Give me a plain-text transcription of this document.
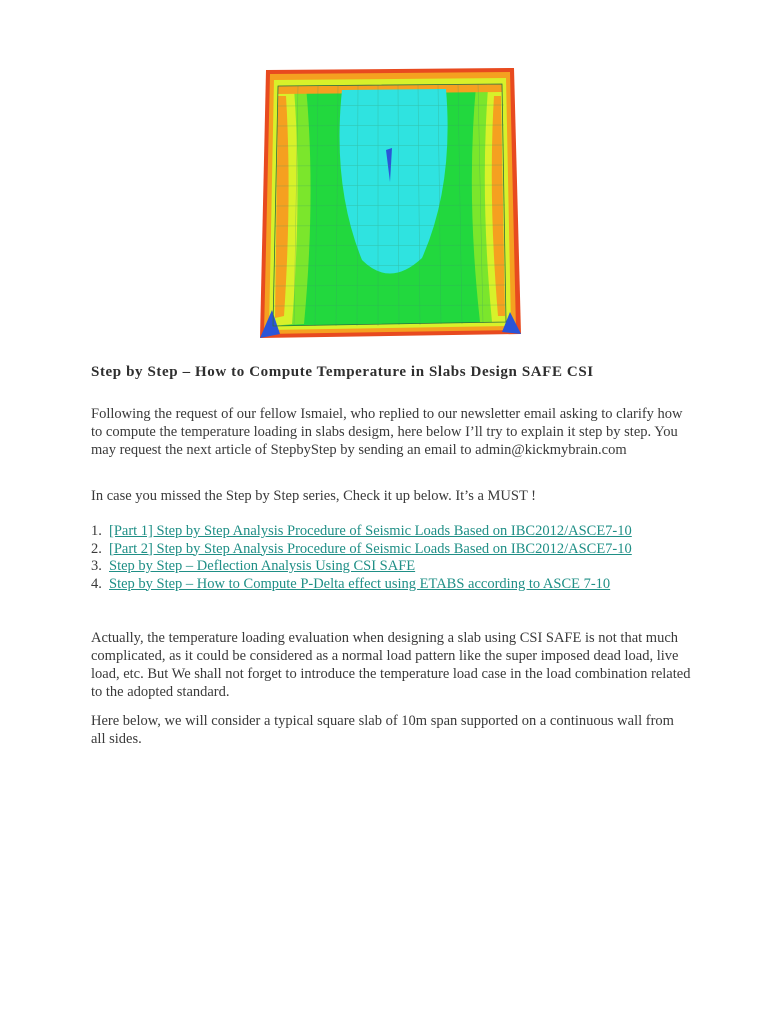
Step by Step – How to Compute Temperature in Slabs Design SAFE CSI

Following the request of our fellow Ismaiel, who replied to our newsletter email asking to clarify how to compute the temperature loading in slabs desigm, here below I’ll try to explain it step by step. You may request the next article of StepbyStep by sending an email to admin@kickmybrain.com

In case you missed the Step by Step series, Check it up below. It’s a MUST !

1. [Part 1] Step by Step Analysis Procedure of Seismic Loads Based on IBC2012/ASCE7-10
2. [Part 2] Step by Step Analysis Procedure of Seismic Loads Based on IBC2012/ASCE7-10
3. Step by Step – Deflection Analysis Using CSI SAFE
4. Step by Step – How to Compute P-Delta effect using ETABS according to ASCE 7-10

Actually, the temperature loading evaluation when designing a slab using CSI SAFE is not that much complicated, as it could be considered as a normal load pattern like the super imposed dead load, live load, etc. But We shall not forget to introduce the temperature load case in the load combination related to the adopted standard.

Here below, we will consider a typical square slab of 10m span supported on a continuous wall from all sides.
